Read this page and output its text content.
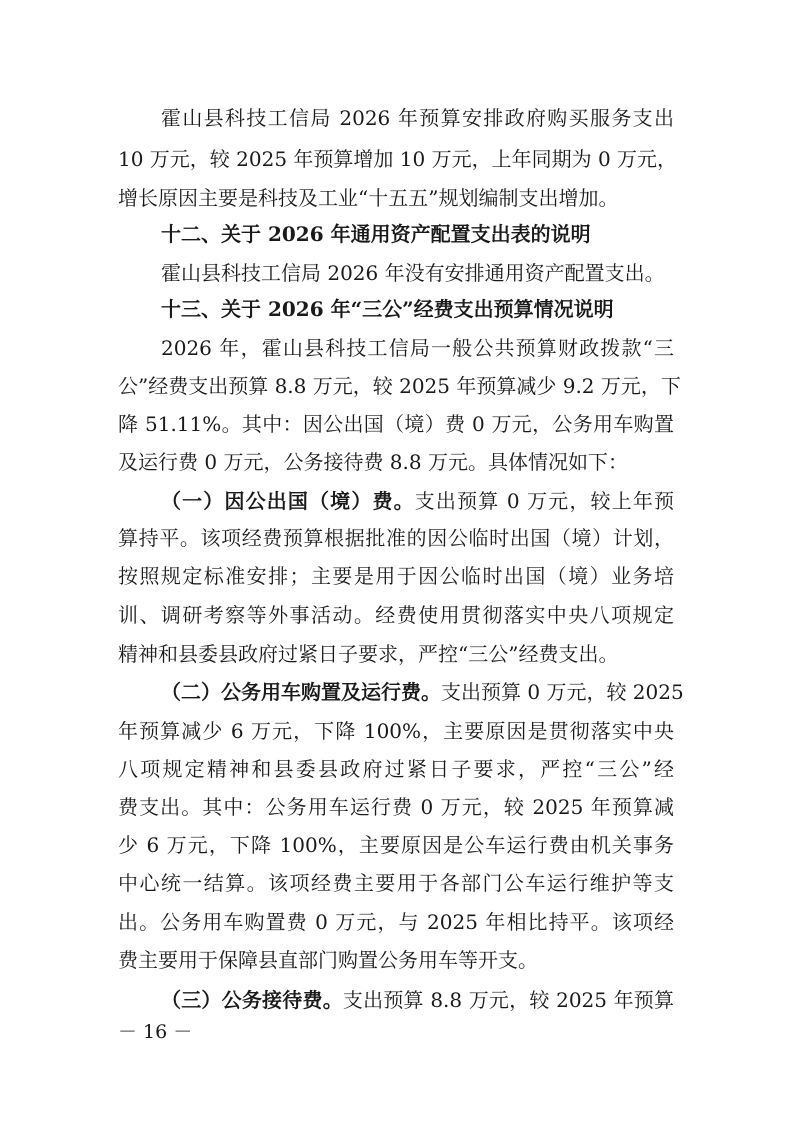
霍山县科技工信局 2026 年预算安排政府购买服务支出
10 万元，较 2025 年预算增加 10 万元，上年同期为 0 万元，
增长原因主要是科技及工业“十五五”规划编制支出增加。
十二、关于 2026 年通用资产配置支出表的说明
霍山县科技工信局 2026 年没有安排通用资产配置支出。
十三、关于 2026 年“三公”经费支出预算情况说明
2026 年，霍山县科技工信局一般公共预算财政拨款“三
公”经费支出预算 8.8 万元，较 2025 年预算减少 9.2 万元，下
降 51.11%。其中：因公出国（境）费 0 万元，公务用车购置
及运行费 0 万元，公务接待费 8.8 万元。具体情况如下：
（一）因公出国（境）费。支出预算 0 万元，较上年预
算持平。该项经费预算根据批准的因公临时出国（境）计划，
按照规定标准安排；主要是用于因公临时出国（境）业务培
训、调研考察等外事活动。经费使用贯彻落实中央八项规定
精神和县委县政府过紧日子要求，严控“三公”经费支出。
（二）公务用车购置及运行费。支出预算 0 万元，较 2025
年预算减少 6 万元，下降 100%，主要原因是贯彻落实中央
八项规定精神和县委县政府过紧日子要求，严控“三公”经
费支出。其中：公务用车运行费 0 万元，较 2025 年预算减
少 6 万元，下降 100%，主要原因是公车运行费由机关事务
中心统一结算。该项经费主要用于各部门公车运行维护等支
出。公务用车购置费 0 万元，与 2025 年相比持平。该项经
费主要用于保障县直部门购置公务用车等开支。
（三）公务接待费。支出预算 8.8 万元，较 2025 年预算
－ 16 －
